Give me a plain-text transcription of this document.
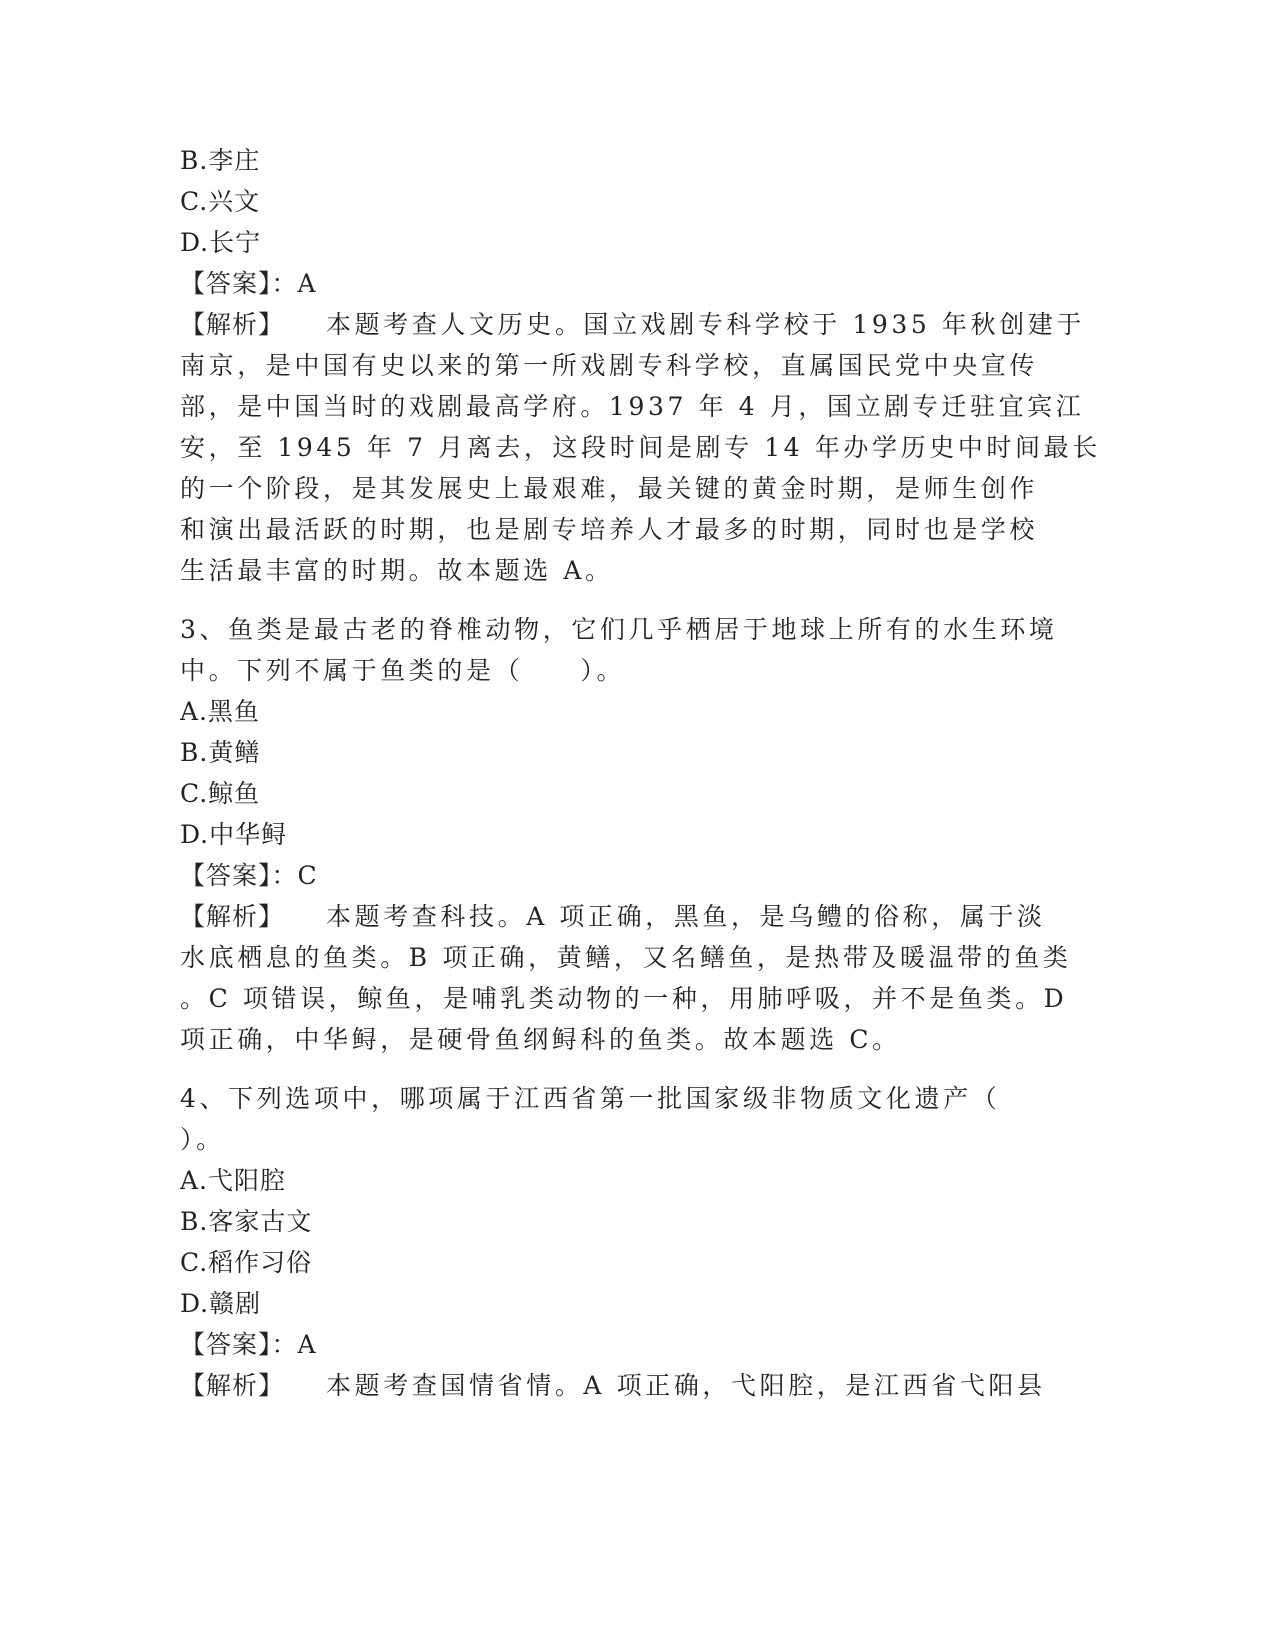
B.李庄
C.兴文
D.长宁
【答案】：A
【解析】 本题考查人文历史。国立戏剧专科学校于 1935 年秋创建于
南京，是中国有史以来的第一所戏剧专科学校，直属国民党中央宣传
部，是中国当时的戏剧最高学府。1937 年 4 月，国立剧专迁驻宜宾江
安，至 1945 年 7 月离去，这段时间是剧专 14 年办学历史中时间最长
的一个阶段，是其发展史上最艰难，最关键的黄金时期，是师生创作
和演出最活跃的时期，也是剧专培养人才最多的时期，同时也是学校
生活最丰富的时期。故本题选 A。
3、鱼类是最古老的脊椎动物，它们几乎栖居于地球上所有的水生环境
中。下列不属于鱼类的是（　　）。
A.黑鱼
B.黄鳝
C.鲸鱼
D.中华鲟
【答案】：C
【解析】 本题考查科技。A 项正确，黑鱼，是乌鳢的俗称，属于淡
水底栖息的鱼类。B 项正确，黄鳝，又名鳝鱼，是热带及暖温带的鱼类
。C 项错误，鲸鱼，是哺乳类动物的一种，用肺呼吸，并不是鱼类。D
项正确，中华鲟，是硬骨鱼纲鲟科的鱼类。故本题选 C。
4、下列选项中，哪项属于江西省第一批国家级非物质文化遗产（
）。
A.弋阳腔
B.客家古文
C.稻作习俗
D.赣剧
【答案】：A
【解析】 本题考查国情省情。A 项正确，弋阳腔，是江西省弋阳县
